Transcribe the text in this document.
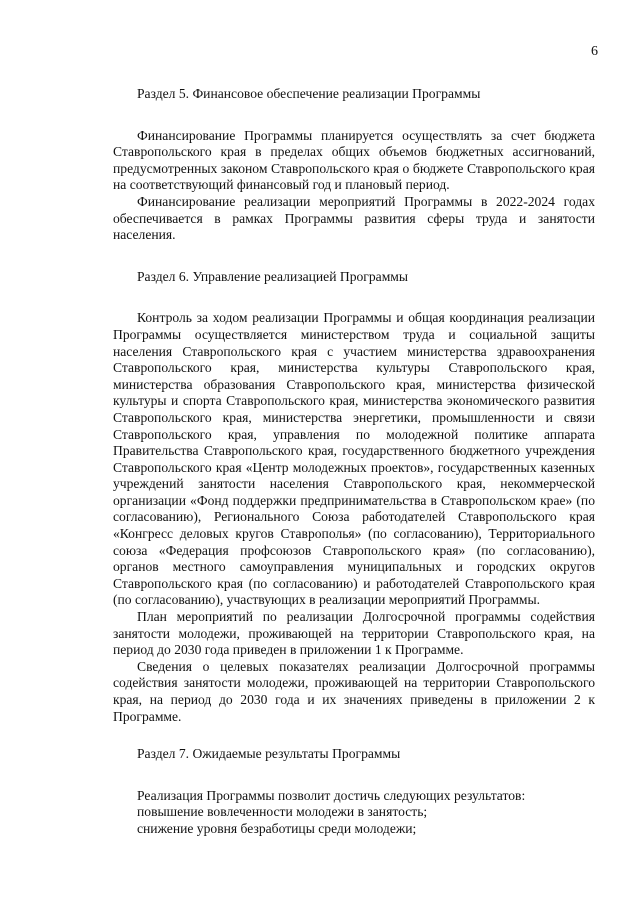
6

Раздел 5. Финансовое обеспечение реализации Программы

Финансирование Программы планируется осуществлять за счет бюджета Ставропольского края в пределах общих объемов бюджетных ассигнований, предусмотренных законом Ставропольского края о бюджете Ставропольского края на соответствующий финансовый год и плановый период.

Финансирование реализации мероприятий Программы в 2022-2024 годах обеспечивается в рамках Программы развития сферы труда и занятости населения.

Раздел 6. Управление реализацией Программы

Контроль за ходом реализации Программы и общая координация реализации Программы осуществляется министерством труда и социальной защиты населения Ставропольского края с участием министерства здравоохранения Ставропольского края, министерства культуры Ставропольского края, министерства образования Ставропольского края, министерства физической культуры и спорта Ставропольского края, министерства экономического развития Ставропольского края, министерства энергетики, промышленности и связи Ставропольского края, управления по молодежной политике аппарата Правительства Ставропольского края, государственного бюджетного учреждения Ставропольского края «Центр молодежных проектов», государственных казенных учреждений занятости населения Ставропольского края, некоммерческой организации «Фонд поддержки предпринимательства в Ставропольском крае» (по согласованию), Регионального Союза работодателей Ставропольского края «Конгресс деловых кругов Ставрополья» (по согласованию), Территориального союза «Федерация профсоюзов Ставропольского края» (по согласованию), органов местного самоуправления муниципальных и городских округов Ставропольского края (по согласованию) и работодателей Ставропольского края (по согласованию), участвующих в реализации мероприятий Программы.

План мероприятий по реализации Долгосрочной программы содействия занятости молодежи, проживающей на территории Ставропольского края, на период до 2030 года приведен в приложении 1 к Программе.

Сведения о целевых показателях реализации Долгосрочной программы содействия занятости молодежи, проживающей на территории Ставропольского края, на период до 2030 года и их значениях приведены в приложении 2 к Программе.

Раздел 7. Ожидаемые результаты Программы

Реализация Программы позволит достичь следующих результатов:

повышение вовлеченности молодежи в занятость;

снижение уровня безработицы среди молодежи;
